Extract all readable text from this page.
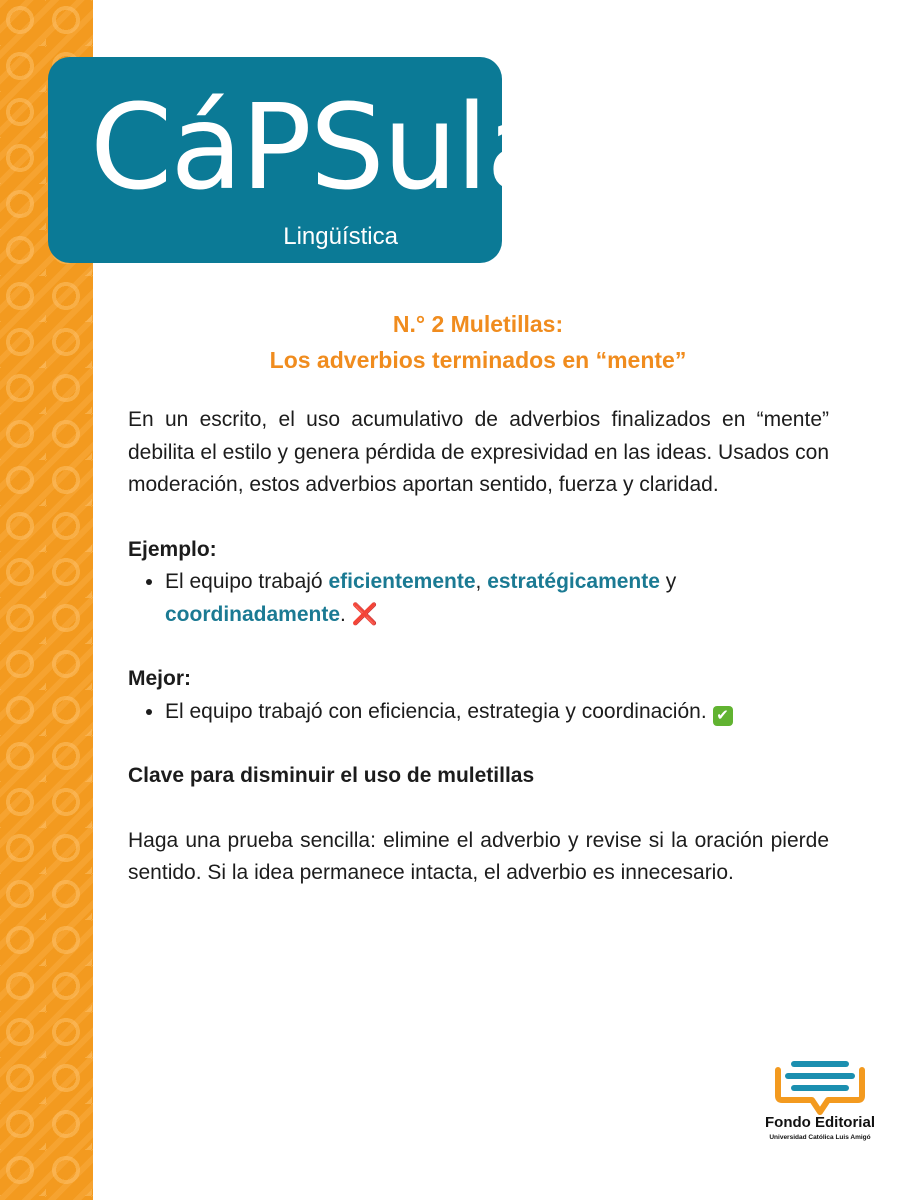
CáPSula

Lingüística

N.° 2 Muletillas:
Los adverbios terminados en “mente”

En un escrito, el uso acumulativo de adverbios finalizados en “mente” debilita el estilo y genera pérdida de expresividad en las ideas. Usados con moderación, estos adverbios aportan sentido, fuerza y claridad.

Ejemplo:

• El equipo trabajó eficientemente, estratégicamente y coordinadamente. ❌

Mejor:

• El equipo trabajó con eficiencia, estrategia y coordinación. ✔

Clave para disminuir el uso de muletillas

Haga una prueba sencilla: elimine el adverbio y revise si la oración pierde sentido. Si la idea permanece intacta, el adverbio es innecesario.

Fondo Editorial

Universidad Católica Luis Amigó
